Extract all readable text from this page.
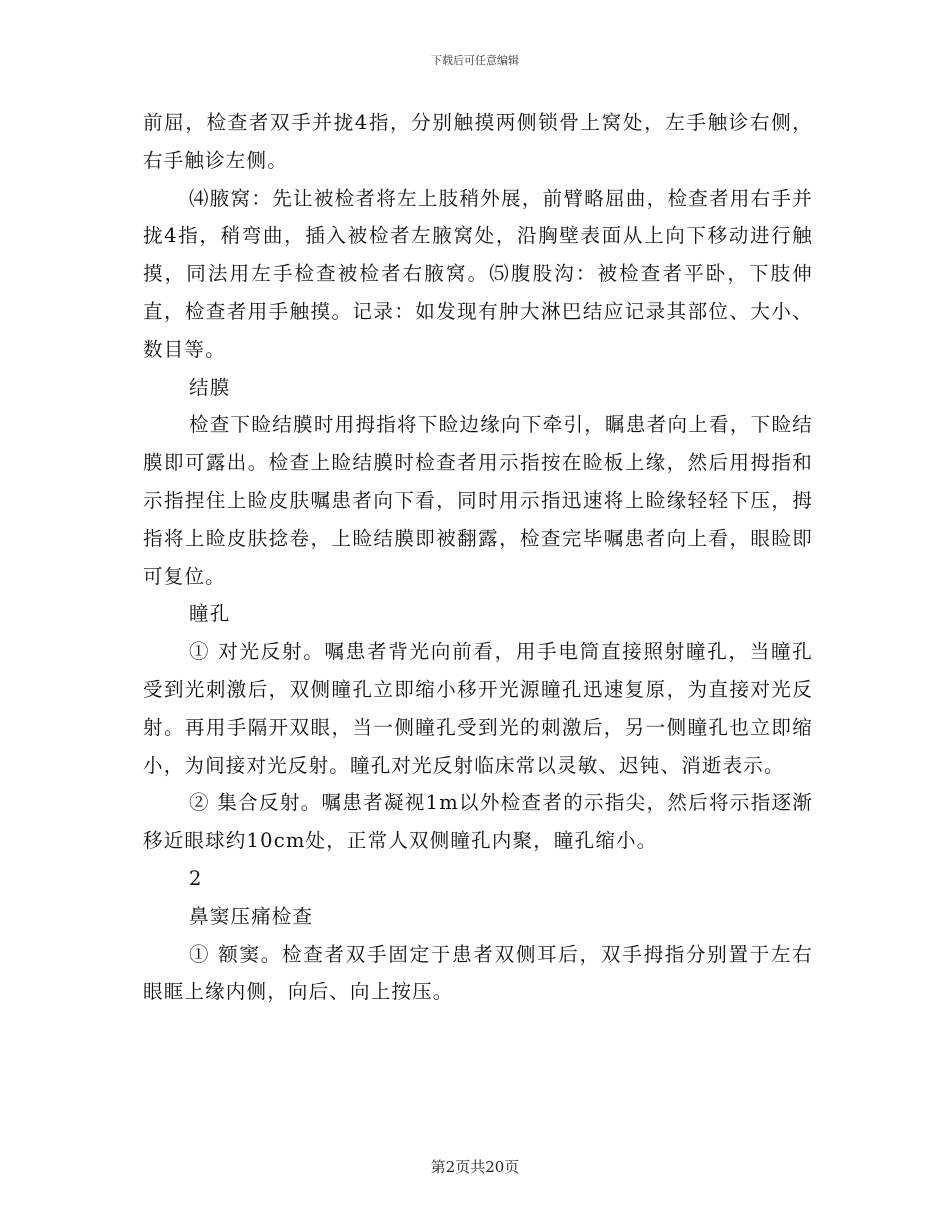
下载后可任意编辑

前屈，检查者双手并拢4指，分别触摸两侧锁骨上窝处，左手触诊右侧，右手触诊左侧。

⑷腋窝：先让被检者将左上肢稍外展，前臂略屈曲，检查者用右手并拢4指，稍弯曲，插入被检者左腋窝处，沿胸壁表面从上向下移动进行触摸，同法用左手检查被检者右腋窝。⑸腹股沟：被检查者平卧，下肢伸直，检查者用手触摸。记录：如发现有肿大淋巴结应记录其部位、大小、数目等。

结膜

检查下睑结膜时用拇指将下睑边缘向下牵引，瞩患者向上看，下睑结膜即可露出。检查上睑结膜时检查者用示指按在睑板上缘，然后用拇指和示指捏住上睑皮肤嘱患者向下看，同时用示指迅速将上睑缘轻轻下压，拇指将上睑皮肤捻卷，上睑结膜即被翻露，检查完毕嘱患者向上看，眼睑即可复位。

瞳孔

① 对光反射。嘱患者背光向前看，用手电筒直接照射瞳孔，当瞳孔受到光刺激后，双侧瞳孔立即缩小移开光源瞳孔迅速复原，为直接对光反射。再用手隔开双眼，当一侧瞳孔受到光的刺激后，另一侧瞳孔也立即缩小，为间接对光反射。瞳孔对光反射临床常以灵敏、迟钝、消逝表示。

② 集合反射。嘱患者凝视1m以外检查者的示指尖，然后将示指逐渐移近眼球约10cm处，正常人双侧瞳孔内聚，瞳孔缩小。

2

鼻窦压痛检查

① 额窦。检查者双手固定于患者双侧耳后，双手拇指分别置于左右眼眶上缘内侧，向后、向上按压。

第2页共20页
